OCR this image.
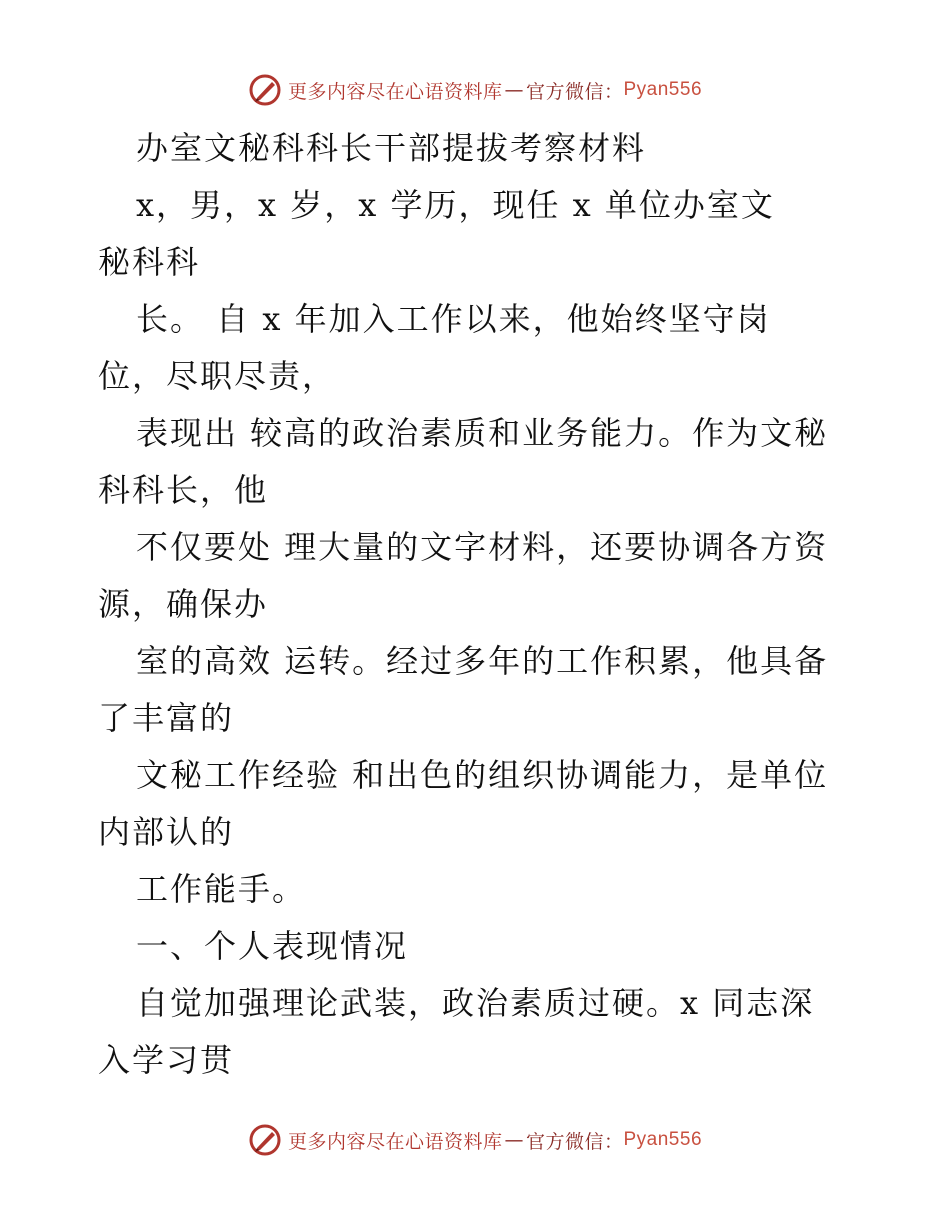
更多内容尽在心语资料库 — 官方微信： Pyan556

办室文秘科科长干部提拔考察材料

x，男，x 岁，x 学历，现任 x 单位办室文

秘科科

长。 自 x 年加入工作以来，他始终坚守岗

位，尽职尽责，

表现出 较高的政治素质和业务能力。作为文秘

科科长，他

不仅要处 理大量的文字材料，还要协调各方资

源，确保办

室的高效 运转。经过多年的工作积累，他具备

了丰富的

文秘工作经验 和出色的组织协调能力，是单位

内部认的

工作能手。

一、个人表现情况

自觉加强理论武装，政治素质过硬。x 同志深

入学习贯

更多内容尽在心语资料库 — 官方微信： Pyan556
